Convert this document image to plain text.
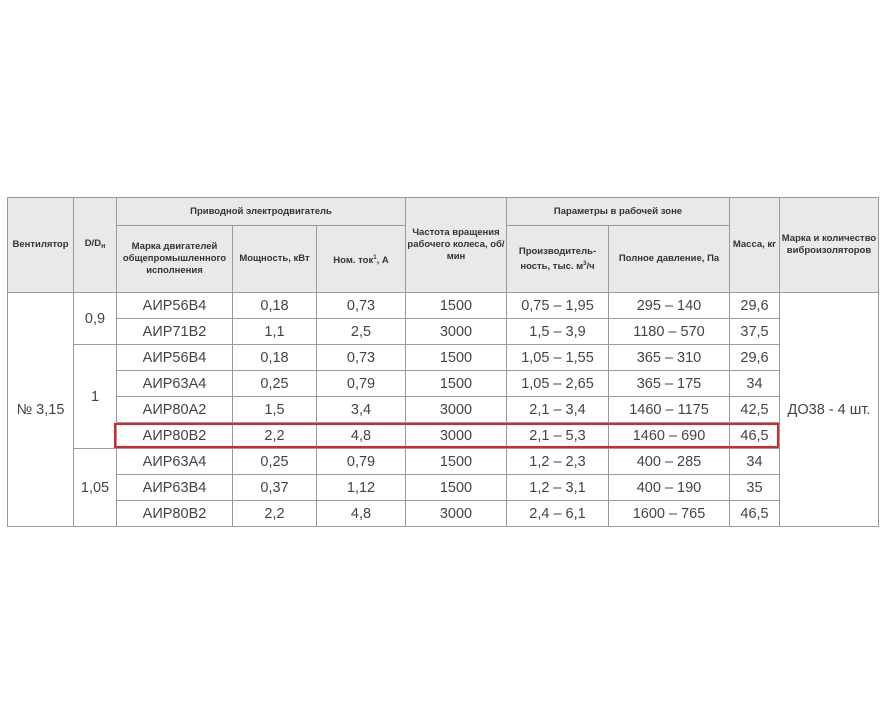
Вентилятор	$D/D_н$	Приводной электродвигатель			Частота вращения рабочего колеса, об/мин	Параметры в рабочей зоне		Масса, кг	Марка и количество виброизоляторов
		Марка двигателей общепромышленного исполнения	Мощность, кВт	Ном. ток$^1$, А		Производитель-ность, тыс. $м^3/ч$	Полное давление, Па		
№ 3,15	0,9	АИР56В4	0,18	0,73	1500	0,75 – 1,95	295 – 140	29,6	ДО38 - 4 шт.
		АИР71В2	1,1	2,5	3000	1,5 – 3,9	1180 – 570	37,5	
	1	АИР56В4	0,18	0,73	1500	1,05 – 1,55	365 – 310	29,6	
		АИР63А4	0,25	0,79	1500	1,05 – 2,65	365 – 175	34	
		АИР80А2	1,5	3,4	3000	2,1 – 3,4	1460 – 1175	42,5	
		АИР80В2	2,2	4,8	3000	2,1 – 5,3	1460 – 690	46,5	
	1,05	АИР63А4	0,25	0,79	1500	1,2 – 2,3	400 – 285	34	
		АИР63В4	0,37	1,12	1500	1,2 – 3,1	400 – 190	35	
		АИР80В2	2,2	4,8	3000	2,4 – 6,1	1600 – 765	46,5	
